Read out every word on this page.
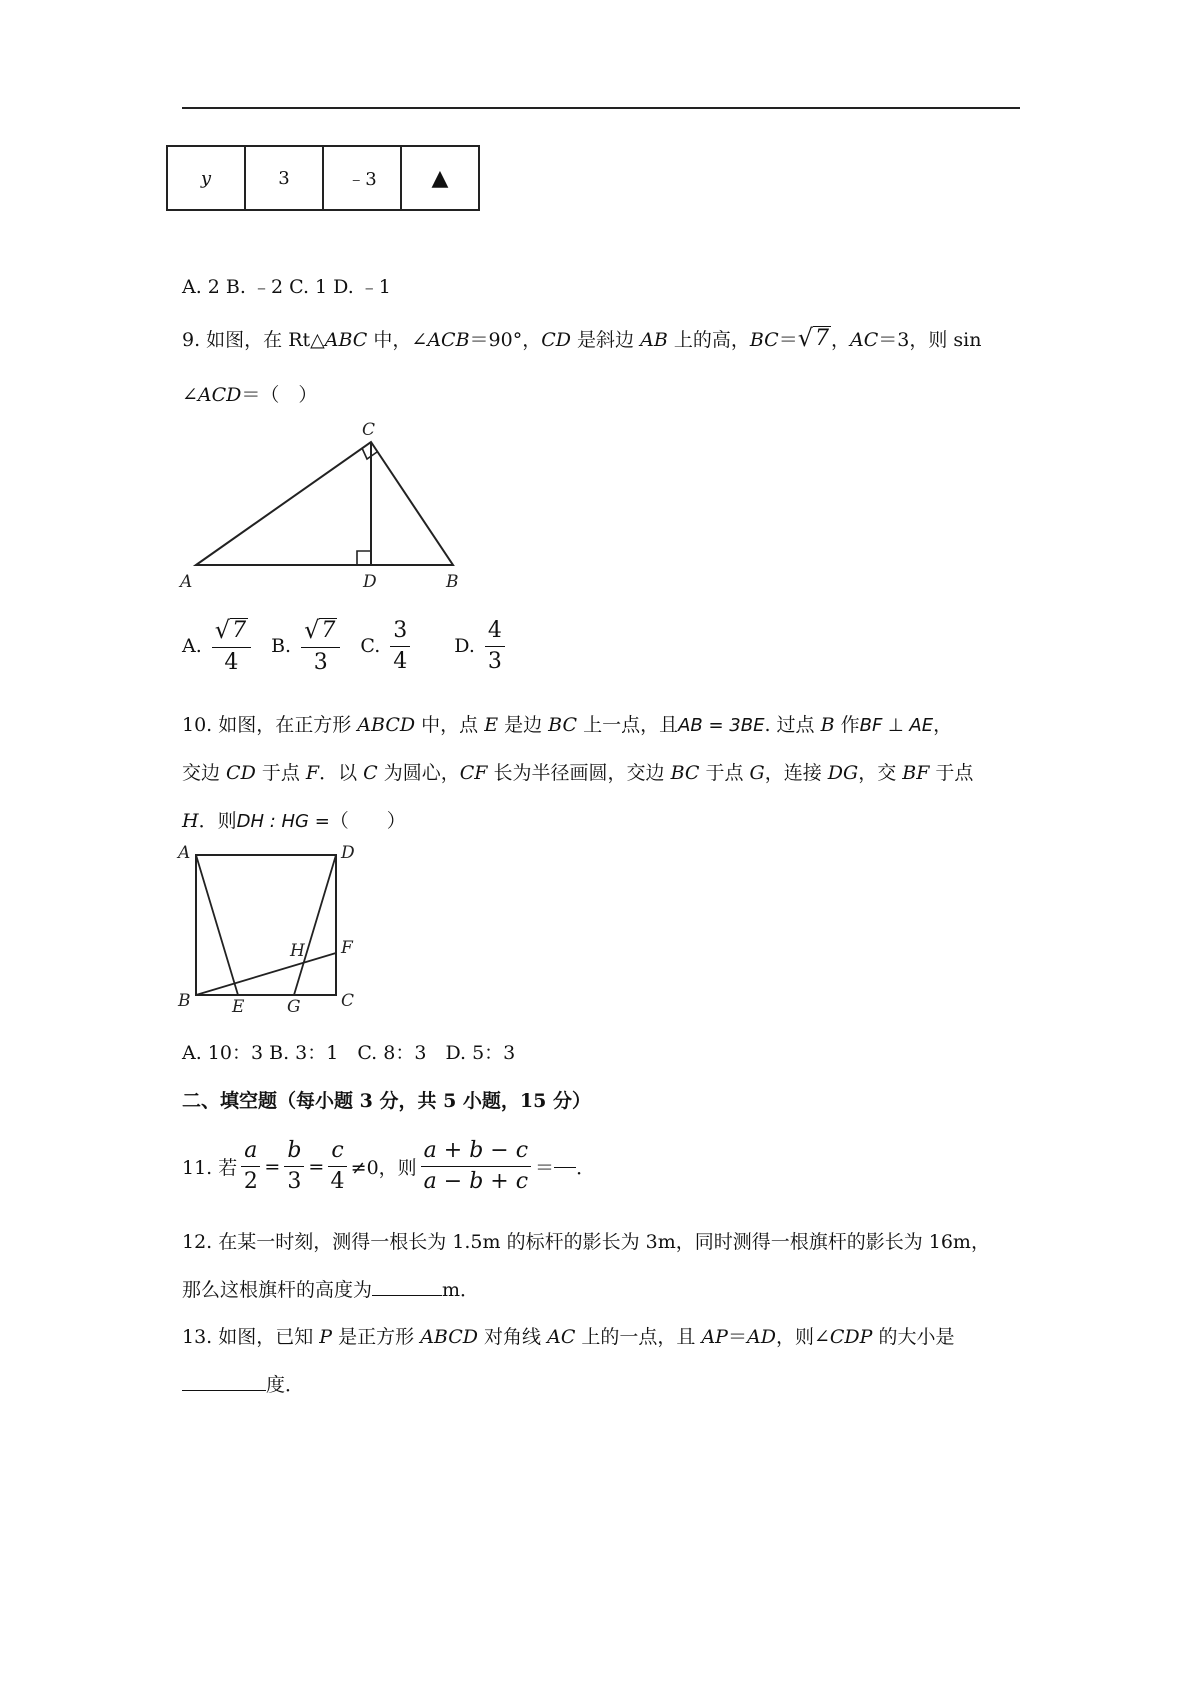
y	3	﹣3	▲
A. 2 B. ﹣2 C. 1 D. ﹣1
9. 如图，在 Rt△ABC 中，∠ACB＝90°，CD 是斜边 AB 上的高，BC＝ √ 7 ，AC＝3，则 sin
∠ACD＝（　）
A
C
D	B
A. $\frac{√ 7}{4} B$. $\frac{√ 7}{3} C$. $\frac{3}{4} D$. $\frac{4}{3}$
10. 如图，在正方形 ABCD 中，点 E 是边 BC 上一点，且AB = 3BE. 过点 B 作BF ⊥ AE，
交边 CD 于点 F．以 C 为圆心，CF 长为半径画圆，交边 BC 于点 G，连接 DG，交 BF 于点
H．则DH : HG =（　　）
A	D
F
H
B E	G C
A. 10：3 B. 3：1　C. 8：3　D. 5：3
二、填空题（每小题 3 分，共 5 小题，15 分）
11. 若 $\frac{a}{2} = \frac{b}{3} = \frac{c}{4} \ne 0$，则 $\frac{a + b - c}{a - b + c}$ ＝ ．
12. 在某一时刻，测得一根长为 1.5m 的标杆的影长为 3m，同时测得一根旗杆的影长为 16m，
那么这根旗杆的高度为	m．
13. 如图，已知 P 是正方形 ABCD 对角线 AC 上的一点，且 AP＝AD，则∠CDP 的大小是
度．
